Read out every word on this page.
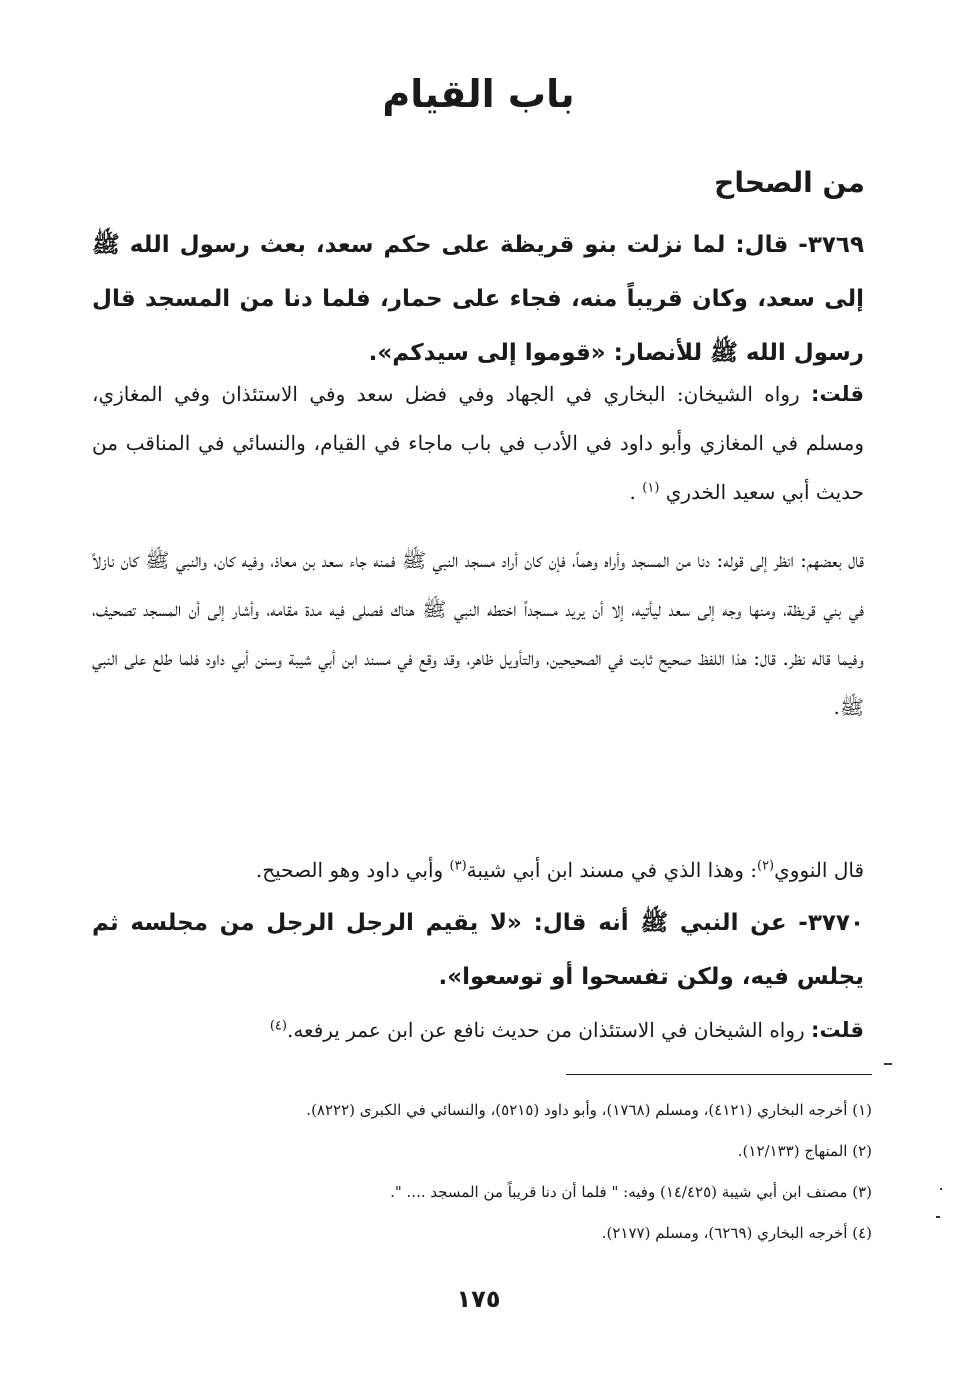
باب القيام
من الصحاح
٣٧٦٩- قال: لما نزلت بنو قريظة على حكم سعد، بعث رسول الله ﷺ إلى سعد، وكان قريباً منه، فجاء على حمار، فلما دنا من المسجد قال رسول الله ﷺ للأنصار: «قوموا إلى سيدكم».
قلت: رواه الشيخان: البخاري في الجهاد وفي فضل سعد وفي الاستئذان وفي المغازي، ومسلم في المغازي وأبو داود في الأدب في باب ماجاء في القيام، والنسائي في المناقب من حديث أبي سعيد الخدري $^{(١)}$ .
قال بعضهم: انظر إلى قوله: دنا من المسجد وأراه وهماً، فإن كان أراد مسجد النبي ﷺ فمنه جاء سعد بن معاذ، وفيه كان، والنبي ﷺ كان نازلاً في بني قريظة، ومنها وجه إلى سعد ليأتيه، إلا أن يريد مسجداً اختطه النبي ﷺ هناك فصلى فيه مدة مقامه، وأشار إلى أن المسجد تصحيف، وفيما قاله نظر. قال: هذا اللفظ صحيح ثابت في الصحيحين، والتأويل ظاهر، وقد وقع في مسند ابن أبي شيبة وسنن أبي داود فلما طلع على النبي ﷺ.
قال النووي$^{(٢)}$: وهذا الذي في مسند ابن أبي شيبة$^{(٣)}$ وأبي داود وهو الصحيح.
٣٧٧٠- عن النبي ﷺ أنه قال: «لا يقيم الرجل الرجل من مجلسه ثم يجلس فيه، ولكن تفسحوا أو توسعوا».
قلت: رواه الشيخان في الاستئذان من حديث نافع عن ابن عمر يرفعه.$^{(٤)}$
(١) أخرجه البخاري (٤١٢١)، ومسلم (١٧٦٨)، وأبو داود (٥٢١٥)، والنسائي في الكبرى (٨٢٢٢).
(٢) المنهاج (١٢/١٣٣).
(٣) مصنف ابن أبي شيبة (١٤/٤٢٥) وفيه: " فلما أن دنا قريباً من المسجد .... ".
(٤) أخرجه البخاري (٦٢٦٩)، ومسلم (٢١٧٧).
١٧٥
